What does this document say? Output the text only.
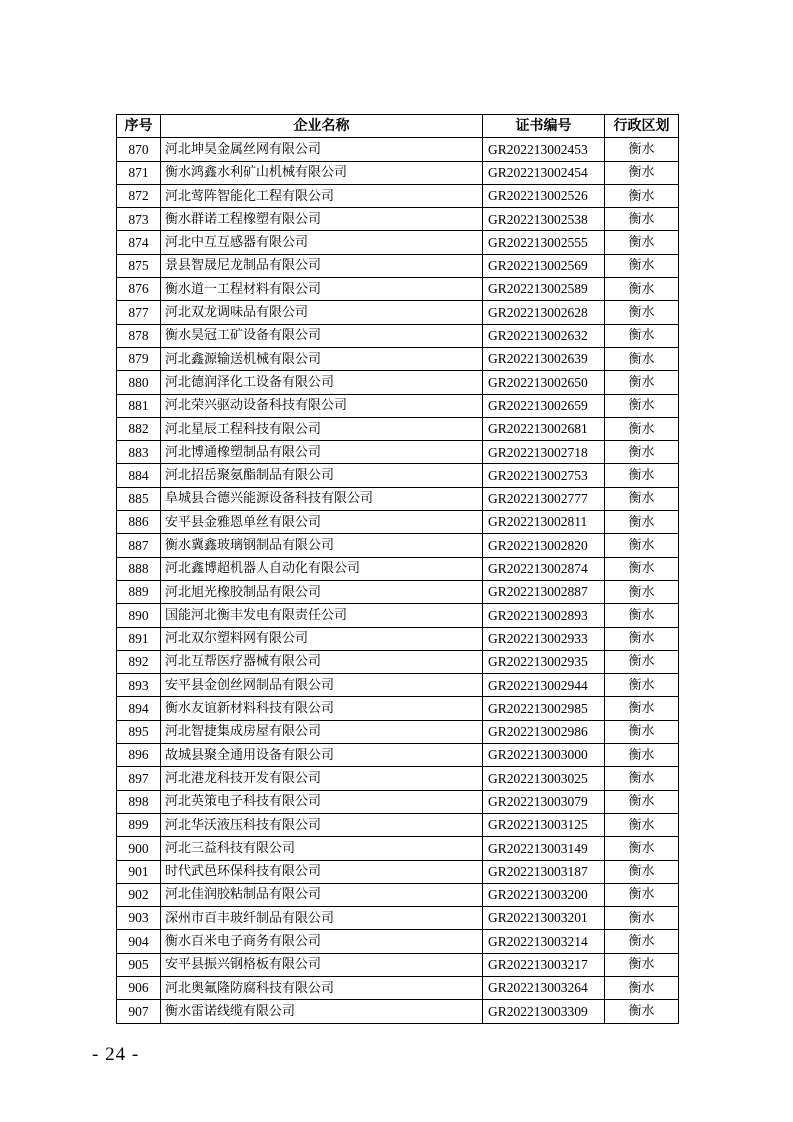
序号	企业名称	证书编号	行政区划
870	河北坤昊金属丝网有限公司	GR202213002453	衡水
871	衡水鸿鑫水利矿山机械有限公司	GR202213002454	衡水
872	河北莺阵智能化工程有限公司	GR202213002526	衡水
873	衡水群诺工程橡塑有限公司	GR202213002538	衡水
874	河北中互互感器有限公司	GR202213002555	衡水
875	景县智晟尼龙制品有限公司	GR202213002569	衡水
876	衡水道一工程材料有限公司	GR202213002589	衡水
877	河北双龙调味品有限公司	GR202213002628	衡水
878	衡水昊冠工矿设备有限公司	GR202213002632	衡水
879	河北鑫源输送机械有限公司	GR202213002639	衡水
880	河北德润泽化工设备有限公司	GR202213002650	衡水
881	河北荣兴驱动设备科技有限公司	GR202213002659	衡水
882	河北星辰工程科技有限公司	GR202213002681	衡水
883	河北博通橡塑制品有限公司	GR202213002718	衡水
884	河北招岳聚氨酯制品有限公司	GR202213002753	衡水
885	阜城县合德兴能源设备科技有限公司	GR202213002777	衡水
886	安平县金雅恩单丝有限公司	GR202213002811	衡水
887	衡水冀鑫玻璃钢制品有限公司	GR202213002820	衡水
888	河北鑫博超机器人自动化有限公司	GR202213002874	衡水
889	河北旭光橡胶制品有限公司	GR202213002887	衡水
890	国能河北衡丰发电有限责任公司	GR202213002893	衡水
891	河北双尔塑料网有限公司	GR202213002933	衡水
892	河北互帮医疗器械有限公司	GR202213002935	衡水
893	安平县金创丝网制品有限公司	GR202213002944	衡水
894	衡水友谊新材料科技有限公司	GR202213002985	衡水
895	河北智捷集成房屋有限公司	GR202213002986	衡水
896	故城县聚全通用设备有限公司	GR202213003000	衡水
897	河北港龙科技开发有限公司	GR202213003025	衡水
898	河北英策电子科技有限公司	GR202213003079	衡水
899	河北华沃液压科技有限公司	GR202213003125	衡水
900	河北三益科技有限公司	GR202213003149	衡水
901	时代武邑环保科技有限公司	GR202213003187	衡水
902	河北佳润胶粘制品有限公司	GR202213003200	衡水
903	深州市百丰玻纤制品有限公司	GR202213003201	衡水
904	衡水百米电子商务有限公司	GR202213003214	衡水
905	安平县振兴钢格板有限公司	GR202213003217	衡水
906	河北奥氟隆防腐科技有限公司	GR202213003264	衡水
907	衡水雷诺线缆有限公司	GR202213003309	衡水
- 24 -
